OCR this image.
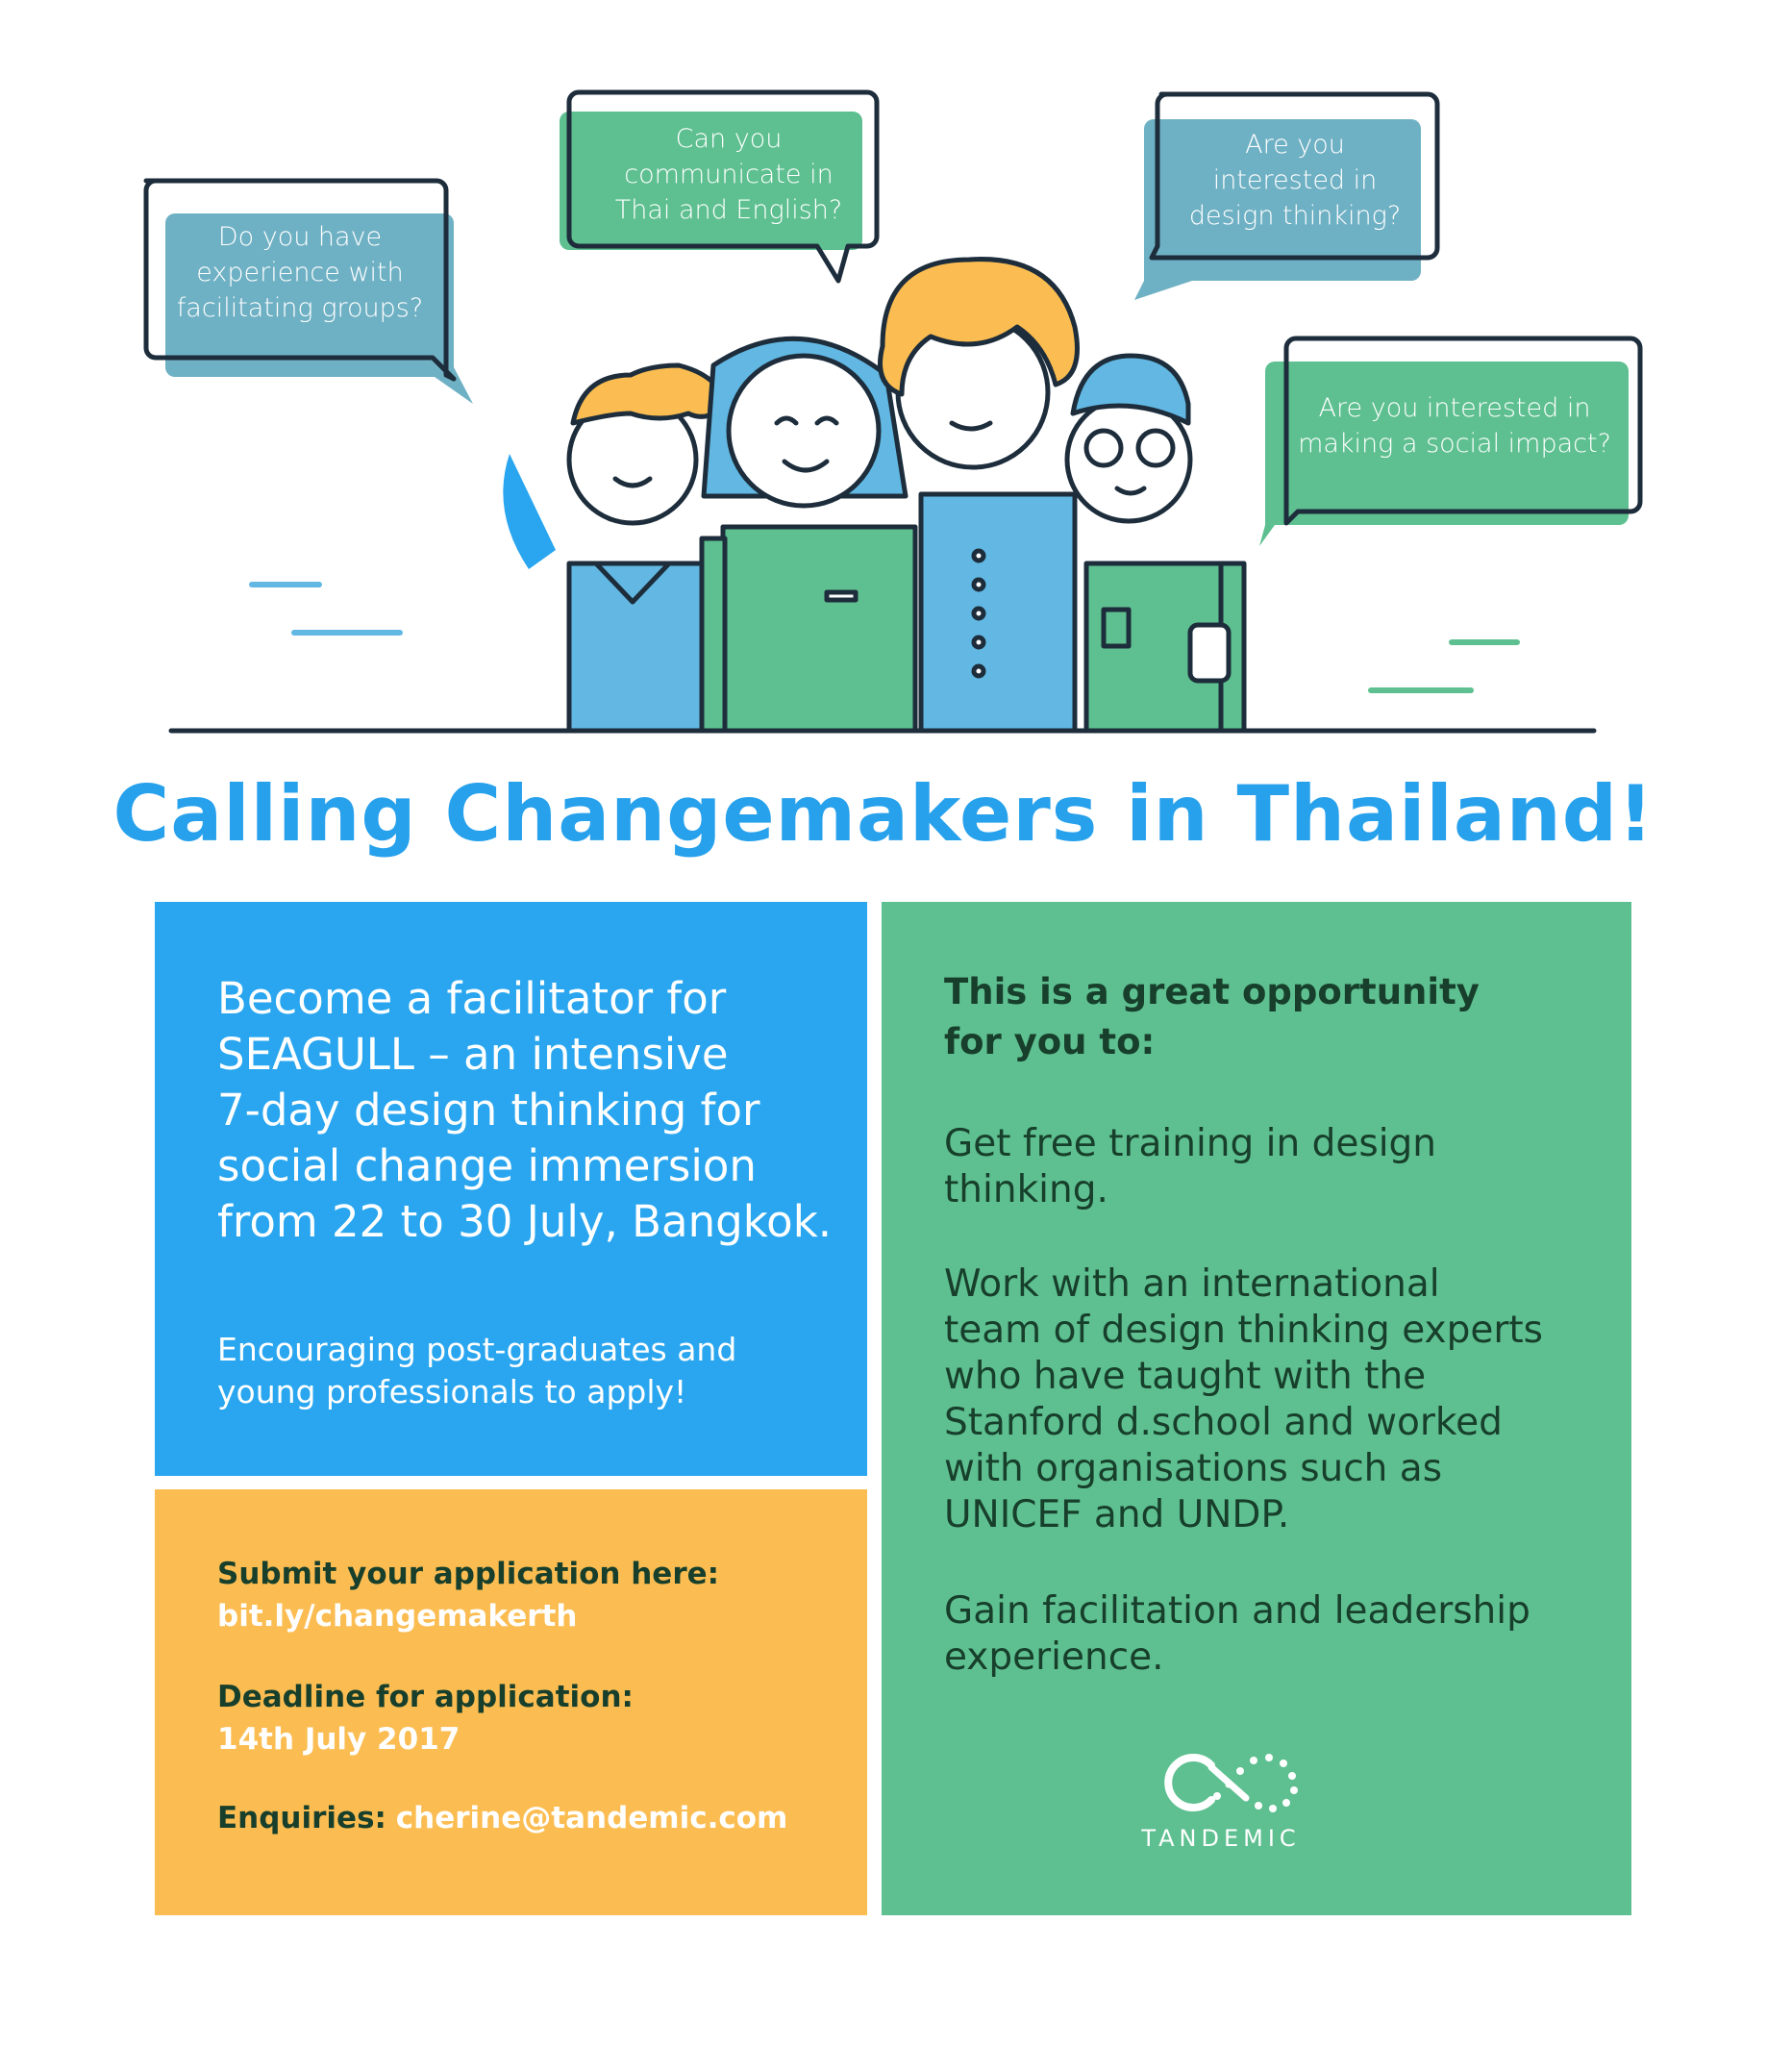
Do you have
experience with
facilitating groups?
Can you
communicate in
Thai and English?
Are you
interested in
design thinking?
Are you interested in
making a social impact?
Calling Changemakers in Thailand!
Become a facilitator for
SEAGULL – an intensive
7-day design thinking for
social change immersion
from 22 to 30 July, Bangkok.
Encouraging post-graduates and
young professionals to apply!
Submit your application here:
bit.ly/changemakerth
Deadline for application:
14th July 2017
Enquiries: cherine@tandemic.com
This is a great opportunity
for you to:
Get free training in design
thinking.
Work with an international
team of design thinking experts
who have taught with the
Stanford d.school and worked
with organisations such as
UNICEF and UNDP.
Gain facilitation and leadership
experience.
TANDEMIC
